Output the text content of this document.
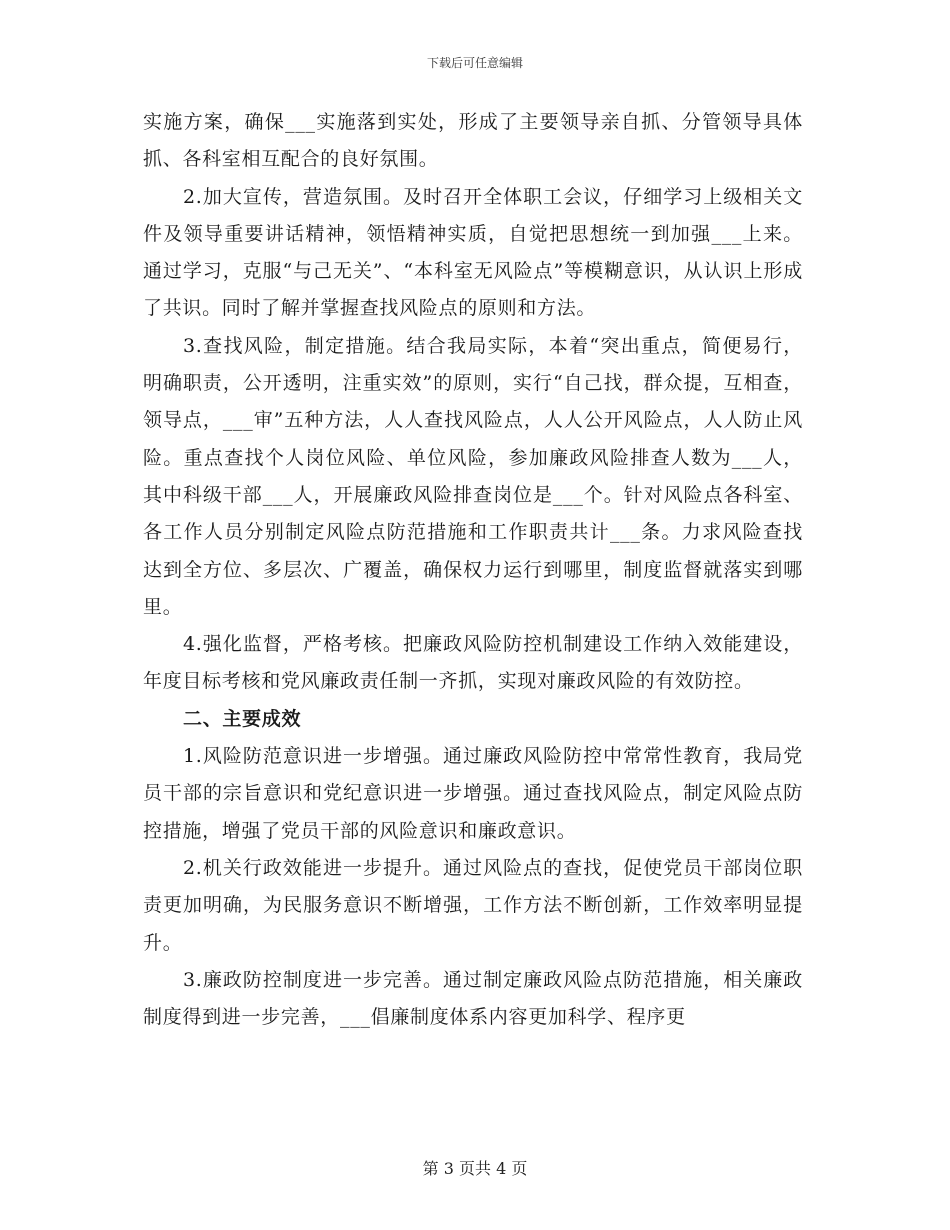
下载后可任意编辑

实施方案，确保___实施落到实处，形成了主要领导亲自抓、分管领导具体抓、各科室相互配合的良好氛围。

2.加大宣传，营造氛围。及时召开全体职工会议，仔细学习上级相关文件及领导重要讲话精神，领悟精神实质，自觉把思想统一到加强___上来。通过学习，克服“与己无关”、“本科室无风险点”等模糊意识，从认识上形成了共识。同时了解并掌握查找风险点的原则和方法。

3.查找风险，制定措施。结合我局实际，本着“突出重点，简便易行，明确职责，公开透明，注重实效”的原则，实行“自己找，群众提，互相查，领导点，___审”五种方法，人人查找风险点，人人公开风险点，人人防止风险。重点查找个人岗位风险、单位风险，参加廉政风险排查人数为___人，其中科级干部___人，开展廉政风险排查岗位是___个。针对风险点各科室、各工作人员分别制定风险点防范措施和工作职责共计___条。力求风险查找达到全方位、多层次、广覆盖，确保权力运行到哪里，制度监督就落实到哪里。

4.强化监督，严格考核。把廉政风险防控机制建设工作纳入效能建设，年度目标考核和党风廉政责任制一齐抓，实现对廉政风险的有效防控。

二、主要成效

1.风险防范意识进一步增强。通过廉政风险防控中常常性教育，我局党员干部的宗旨意识和党纪意识进一步增强。通过查找风险点，制定风险点防控措施，增强了党员干部的风险意识和廉政意识。

2.机关行政效能进一步提升。通过风险点的查找，促使党员干部岗位职责更加明确，为民服务意识不断增强，工作方法不断创新，工作效率明显提升。

3.廉政防控制度进一步完善。通过制定廉政风险点防范措施，相关廉政制度得到进一步完善，___倡廉制度体系内容更加科学、程序更

第 3 页共 4 页
